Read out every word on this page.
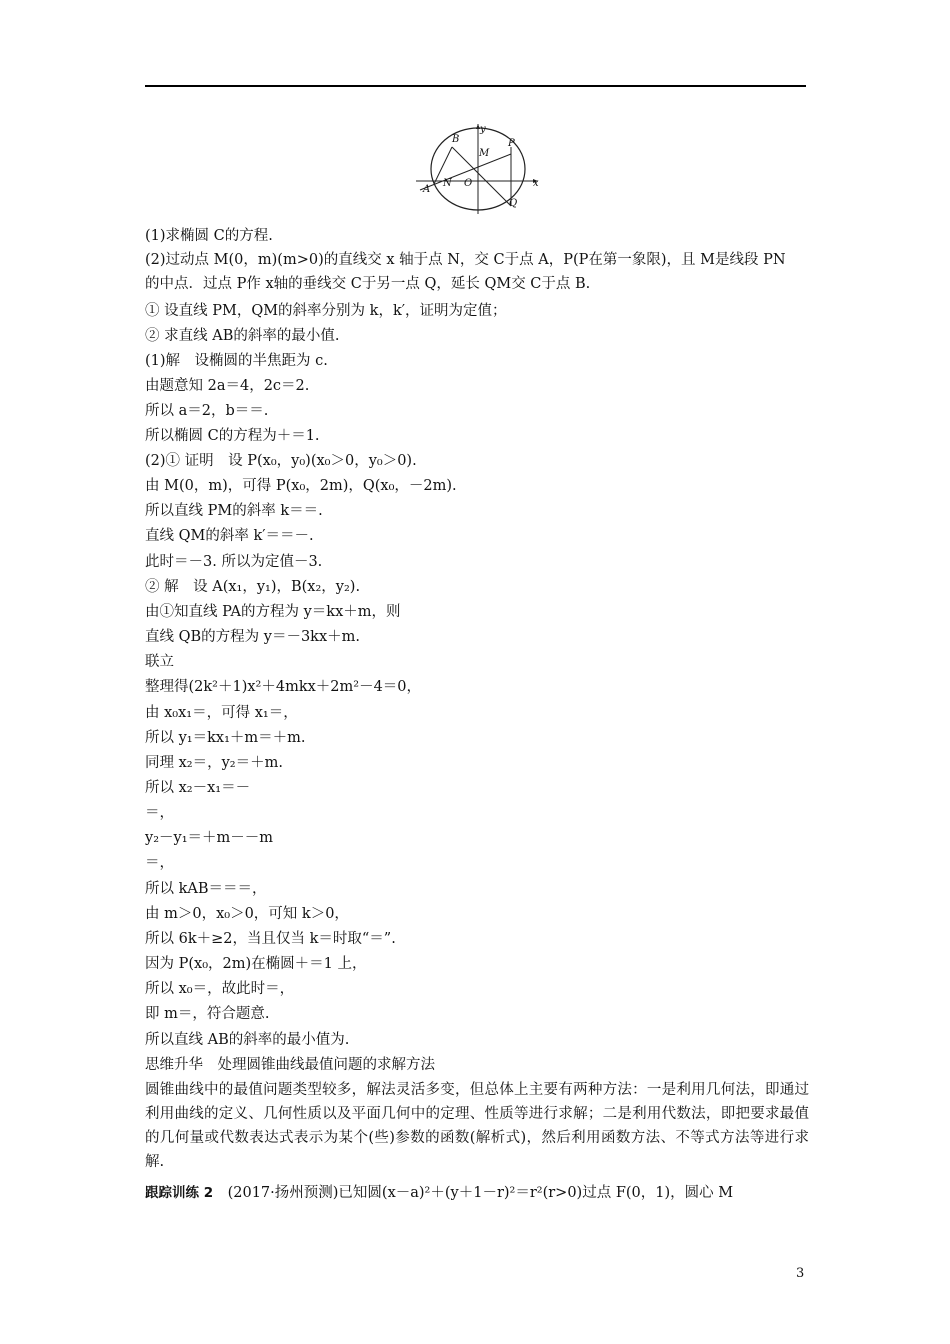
B
y
P
M
A
N O	x
Q
(1)求椭圆 C的方程.
(2)过动点 M(0，m)(m>0)的直线交 x 轴于点 N，交 C于点 A，P(P在第一象限)，且 M是线段 PN
的中点．过点 P作 x轴的垂线交 C于另一点 Q，延长 QM交 C于点 B.
① 设直线 PM，QM的斜率分别为 k，k′，证明为定值；
② 求直线 AB的斜率的最小值.
(1)解　设椭圆的半焦距为 c.
由题意知 2a＝4，2c＝2.
所以 a＝2，b＝＝.
所以椭圆 C的方程为＋＝1.
(2)① 证明　设 P(x₀，y₀)(x₀＞0，y₀＞0).
由 M(0，m)，可得 P(x₀，2m)，Q(x₀，－2m).
所以直线 PM的斜率 k＝＝.
直线 QM的斜率 k′＝＝－.
此时＝－3. 所以为定值－3.
② 解　设 A(x₁，y₁)，B(x₂，y₂).
由①知直线 PA的方程为 y＝kx＋m，则
直线 QB的方程为 y＝－3kx＋m.
联立
整理得(2k²＋1)x²＋4mkx＋2m²－4＝0，
由 x₀x₁＝，可得 x₁＝，
所以 y₁＝kx₁＋m＝＋m.
同理 x₂＝，y₂＝＋m.
所以 x₂－x₁＝－
＝，
y₂－y₁＝＋m－－m
＝，
所以 kAB＝＝＝，
由 m＞0，x₀＞0，可知 k＞0，
所以 6k＋≥2，当且仅当 k＝时取“＝”.
因为 P(x₀，2m)在椭圆＋＝1 上，
所以 x₀＝，故此时＝，
即 m＝，符合题意.
所以直线 AB的斜率的最小值为.
思维升华　处理圆锥曲线最值问题的求解方法
圆锥曲线中的最值问题类型较多，解法灵活多变，但总体上主要有两种方法：一是利用几何法，即通过利用曲线的定义、几何性质以及平面几何中的定理、性质等进行求解；二是利用代数法，即把要求最值的几何量或代数表达式表示为某个(些)参数的函数(解析式)，然后利用函数方法、不等式方法等进行求解.
跟踪训练 2　(2017·扬州预测)已知圆(x－a)²＋(y＋1－r)²＝r²(r>0)过点 F(0，1)，圆心 M
3
